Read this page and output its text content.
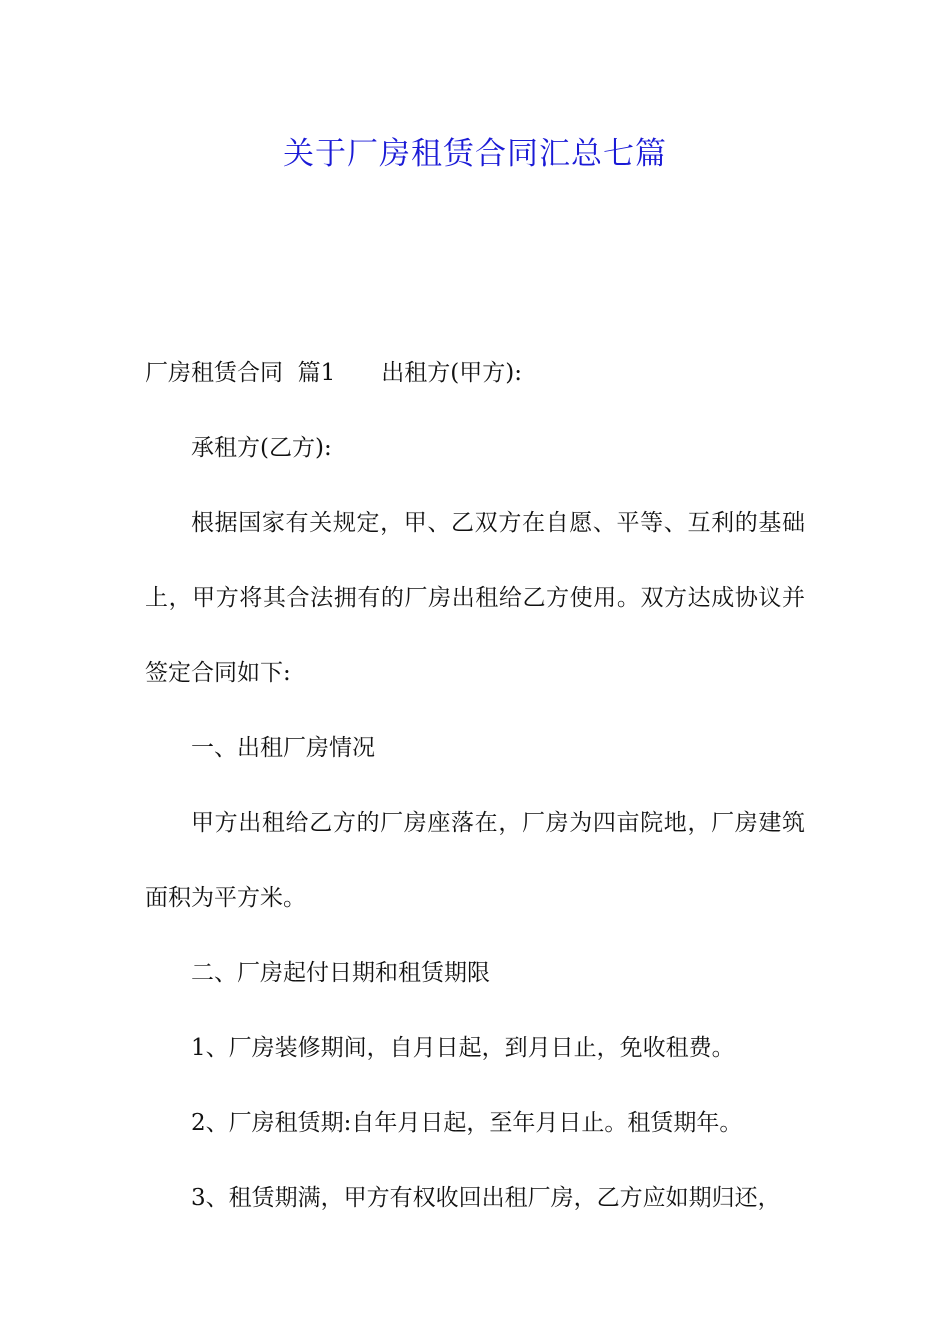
关于厂房租赁合同汇总七篇

厂房租赁合同  篇1 出租方(甲方):

承租方(乙方):

根据国家有关规定，甲、乙双方在自愿、平等、互利的基础上，甲方将其合法拥有的厂房出租给乙方使用。双方达成协议并签定合同如下:

一、出租厂房情况

甲方出租给乙方的厂房座落在，厂房为四亩院地，厂房建筑面积为平方米。

二、厂房起付日期和租赁期限

1、厂房装修期间，自月日起，到月日止，免收租费。

2、厂房租赁期:自年月日起，至年月日止。租赁期年。

3、租赁期满，甲方有权收回出租厂房，乙方应如期归还，
